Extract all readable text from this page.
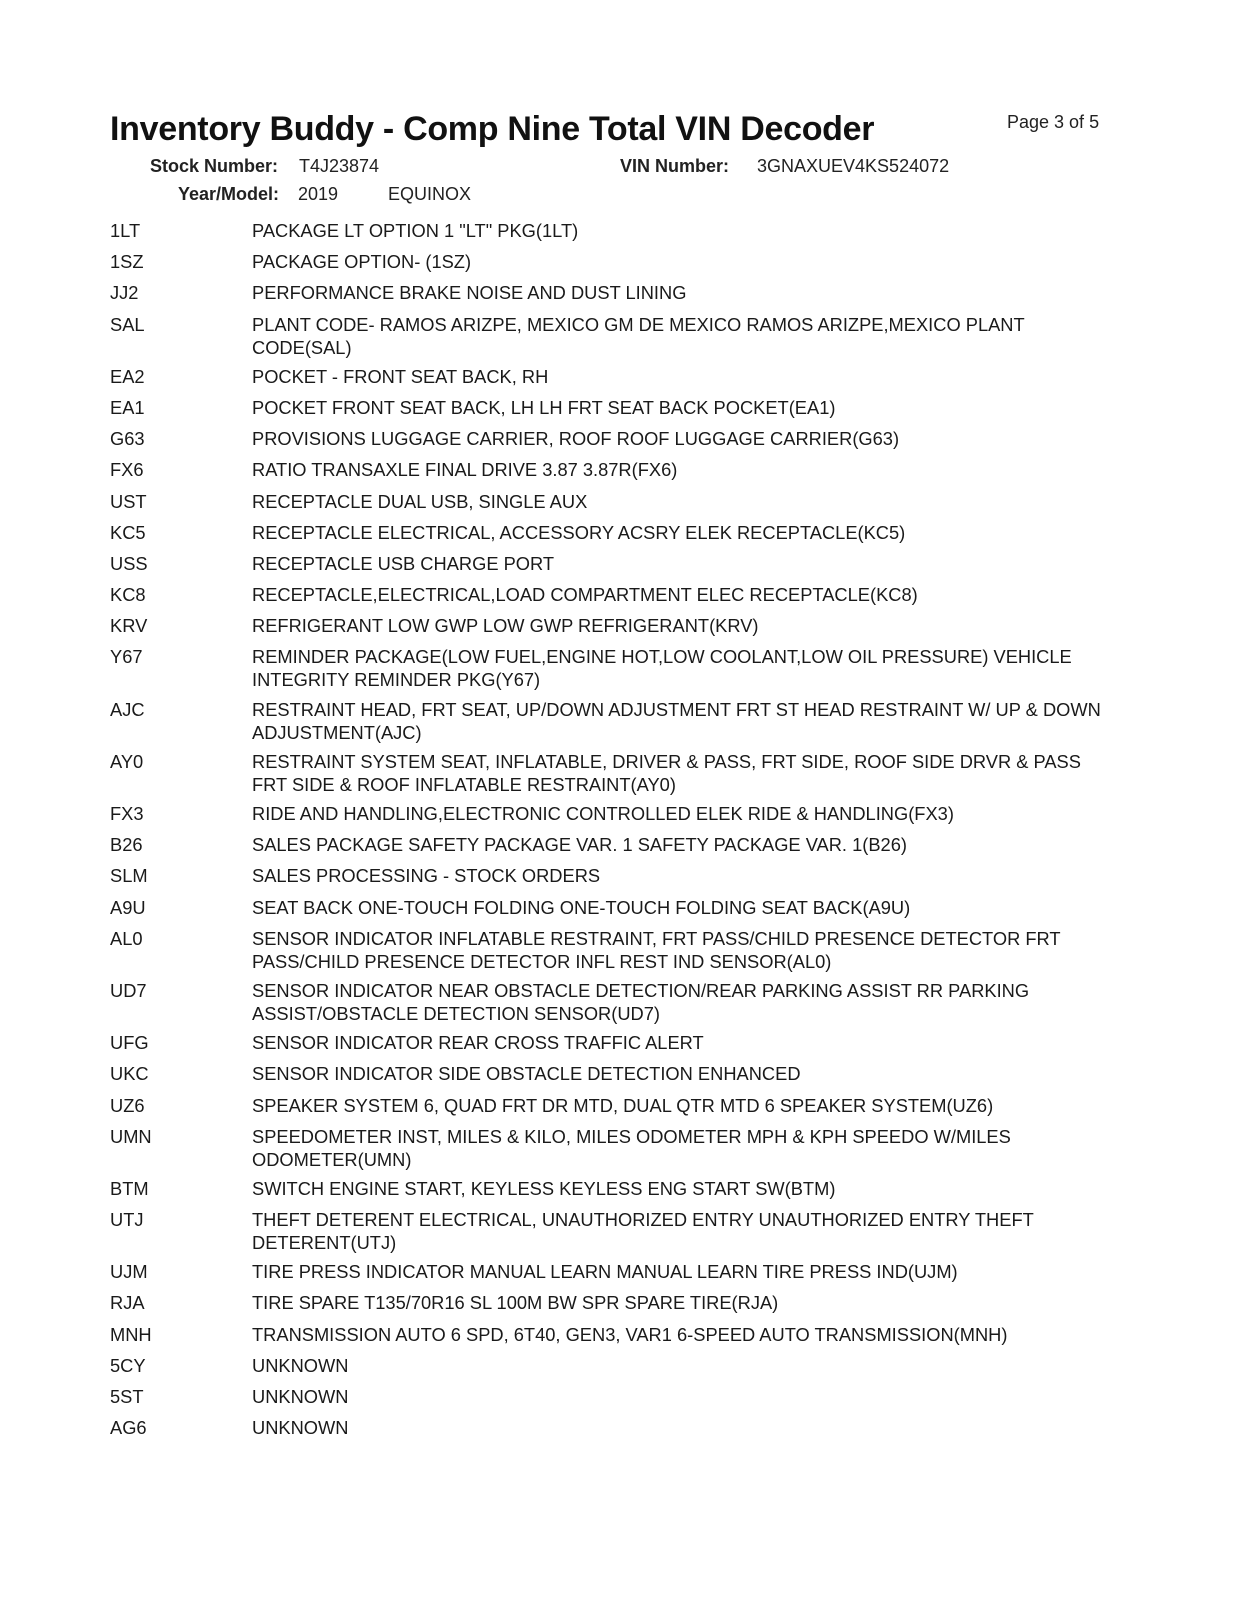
Inventory Buddy - Comp Nine Total VIN Decoder	Page 3 of 5
Stock Number: T4J23874	VIN Number: 3GNAXUEV4KS524072
Year/Model: 2019	EQUINOX
1LT	PACKAGE LT OPTION 1 "LT" PKG(1LT)
1SZ	PACKAGE OPTION- (1SZ)
JJ2	PERFORMANCE BRAKE NOISE AND DUST LINING
SAL	PLANT CODE- RAMOS ARIZPE, MEXICO GM DE MEXICO RAMOS ARIZPE,MEXICO PLANT CODE(SAL)
EA2	POCKET - FRONT SEAT BACK, RH
EA1	POCKET FRONT SEAT BACK, LH LH FRT SEAT BACK POCKET(EA1)
G63	PROVISIONS LUGGAGE CARRIER, ROOF ROOF LUGGAGE CARRIER(G63)
FX6	RATIO TRANSAXLE FINAL DRIVE 3.87 3.87R(FX6)
UST	RECEPTACLE DUAL USB, SINGLE AUX
KC5	RECEPTACLE ELECTRICAL, ACCESSORY ACSRY ELEK RECEPTACLE(KC5)
USS	RECEPTACLE USB CHARGE PORT
KC8	RECEPTACLE,ELECTRICAL,LOAD COMPARTMENT ELEC RECEPTACLE(KC8)
KRV	REFRIGERANT LOW GWP LOW GWP REFRIGERANT(KRV)
Y67	REMINDER PACKAGE(LOW FUEL,ENGINE HOT,LOW COOLANT,LOW OIL PRESSURE) VEHICLE INTEGRITY REMINDER PKG(Y67)
AJC	RESTRAINT HEAD, FRT SEAT, UP/DOWN ADJUSTMENT FRT ST HEAD RESTRAINT W/ UP & DOWN ADJUSTMENT(AJC)
AY0	RESTRAINT SYSTEM SEAT, INFLATABLE, DRIVER & PASS, FRT SIDE, ROOF SIDE DRVR & PASS FRT SIDE & ROOF INFLATABLE RESTRAINT(AY0)
FX3	RIDE AND HANDLING,ELECTRONIC CONTROLLED ELEK RIDE & HANDLING(FX3)
B26	SALES PACKAGE SAFETY PACKAGE VAR. 1 SAFETY PACKAGE VAR. 1(B26)
SLM	SALES PROCESSING - STOCK ORDERS
A9U	SEAT BACK ONE-TOUCH FOLDING ONE-TOUCH FOLDING SEAT BACK(A9U)
AL0	SENSOR INDICATOR INFLATABLE RESTRAINT, FRT PASS/CHILD PRESENCE DETECTOR FRT PASS/CHILD PRESENCE DETECTOR INFL REST IND SENSOR(AL0)
UD7	SENSOR INDICATOR NEAR OBSTACLE DETECTION/REAR PARKING ASSIST RR PARKING ASSIST/OBSTACLE DETECTION SENSOR(UD7)
UFG	SENSOR INDICATOR REAR CROSS TRAFFIC ALERT
UKC	SENSOR INDICATOR SIDE OBSTACLE DETECTION ENHANCED
UZ6	SPEAKER SYSTEM 6, QUAD FRT DR MTD, DUAL QTR MTD 6 SPEAKER SYSTEM(UZ6)
UMN	SPEEDOMETER INST, MILES & KILO, MILES ODOMETER MPH & KPH SPEEDO W/MILES ODOMETER(UMN)
BTM	SWITCH ENGINE START, KEYLESS KEYLESS ENG START SW(BTM)
UTJ	THEFT DETERENT ELECTRICAL, UNAUTHORIZED ENTRY UNAUTHORIZED ENTRY THEFT DETERENT(UTJ)
UJM	TIRE PRESS INDICATOR MANUAL LEARN MANUAL LEARN TIRE PRESS IND(UJM)
RJA	TIRE SPARE T135/70R16 SL 100M BW SPR SPARE TIRE(RJA)
MNH	TRANSMISSION AUTO 6 SPD, 6T40, GEN3, VAR1 6-SPEED AUTO TRANSMISSION(MNH)
5CY	UNKNOWN
5ST	UNKNOWN
AG6	UNKNOWN
